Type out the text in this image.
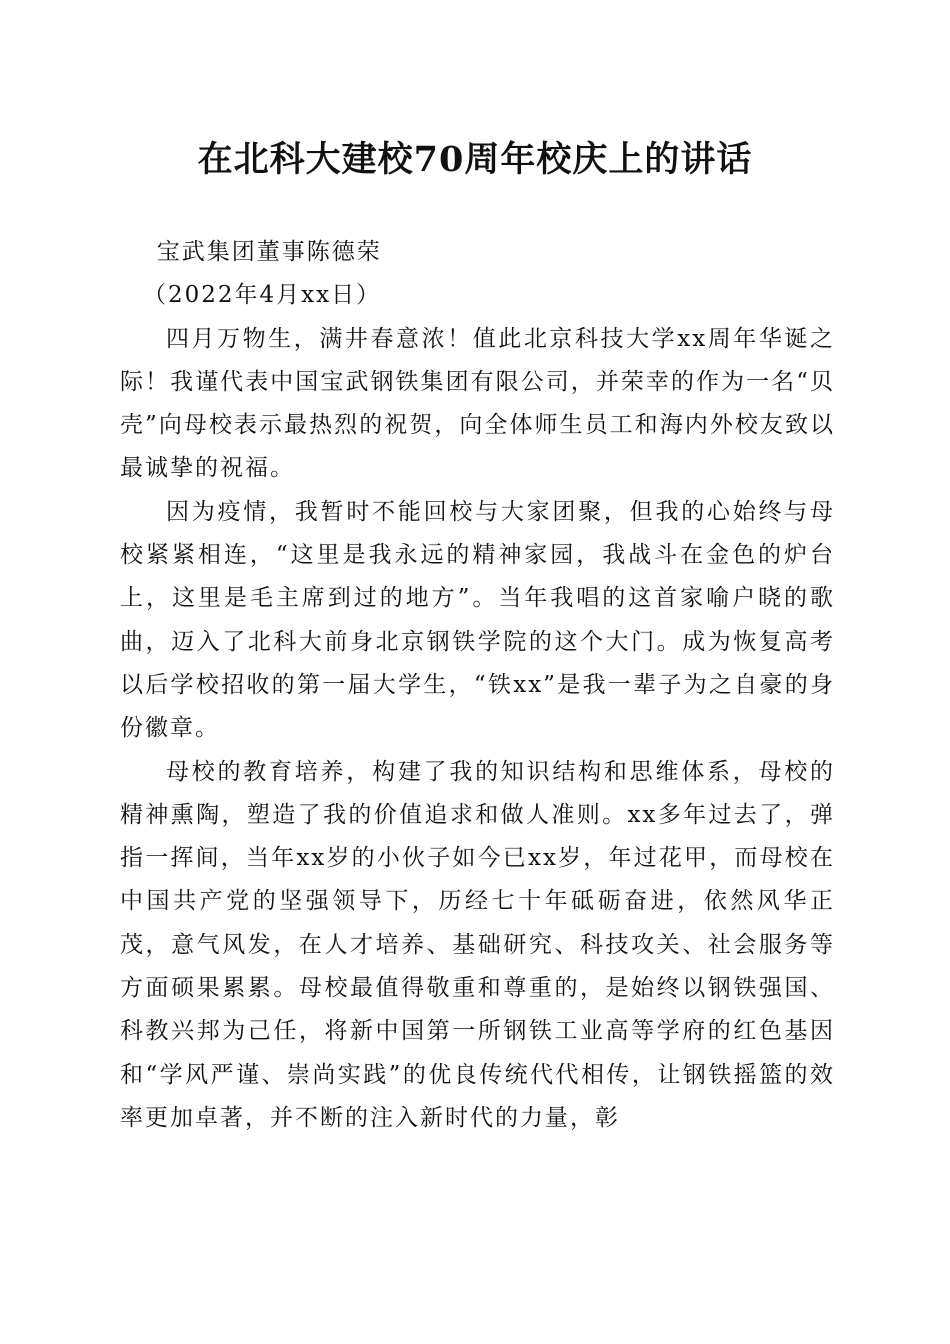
在北科大建校70周年校庆上的讲话

宝武集团董事陈德荣

（2022年4月xx日）

四月万物生，满井春意浓！值此北京科技大学xx周年华诞之际！我谨代表中国宝武钢铁集团有限公司，并荣幸的作为一名“贝壳”向母校表示最热烈的祝贺，向全体师生员工和海内外校友致以最诚挚的祝福。

因为疫情，我暂时不能回校与大家团聚，但我的心始终与母校紧紧相连，“这里是我永远的精神家园，我战斗在金色的炉台上，这里是毛主席到过的地方”。当年我唱的这首家喻户晓的歌曲，迈入了北科大前身北京钢铁学院的这个大门。成为恢复高考以后学校招收的第一届大学生，“铁xx”是我一辈子为之自豪的身份徽章。

母校的教育培养，构建了我的知识结构和思维体系，母校的精神熏陶，塑造了我的价值追求和做人准则。xx多年过去了，弹指一挥间，当年xx岁的小伙子如今已xx岁，年过花甲，而母校在中国共产党的坚强领导下，历经七十年砥砺奋进，依然风华正茂，意气风发，在人才培养、基础研究、科技攻关、社会服务等方面硕果累累。母校最值得敬重和尊重的，是始终以钢铁强国、科教兴邦为己任，将新中国第一所钢铁工业高等学府的红色基因和“学风严谨、崇尚实践”的优良传统代代相传，让钢铁摇篮的效率更加卓著，并不断的注入新时代的力量，彰
